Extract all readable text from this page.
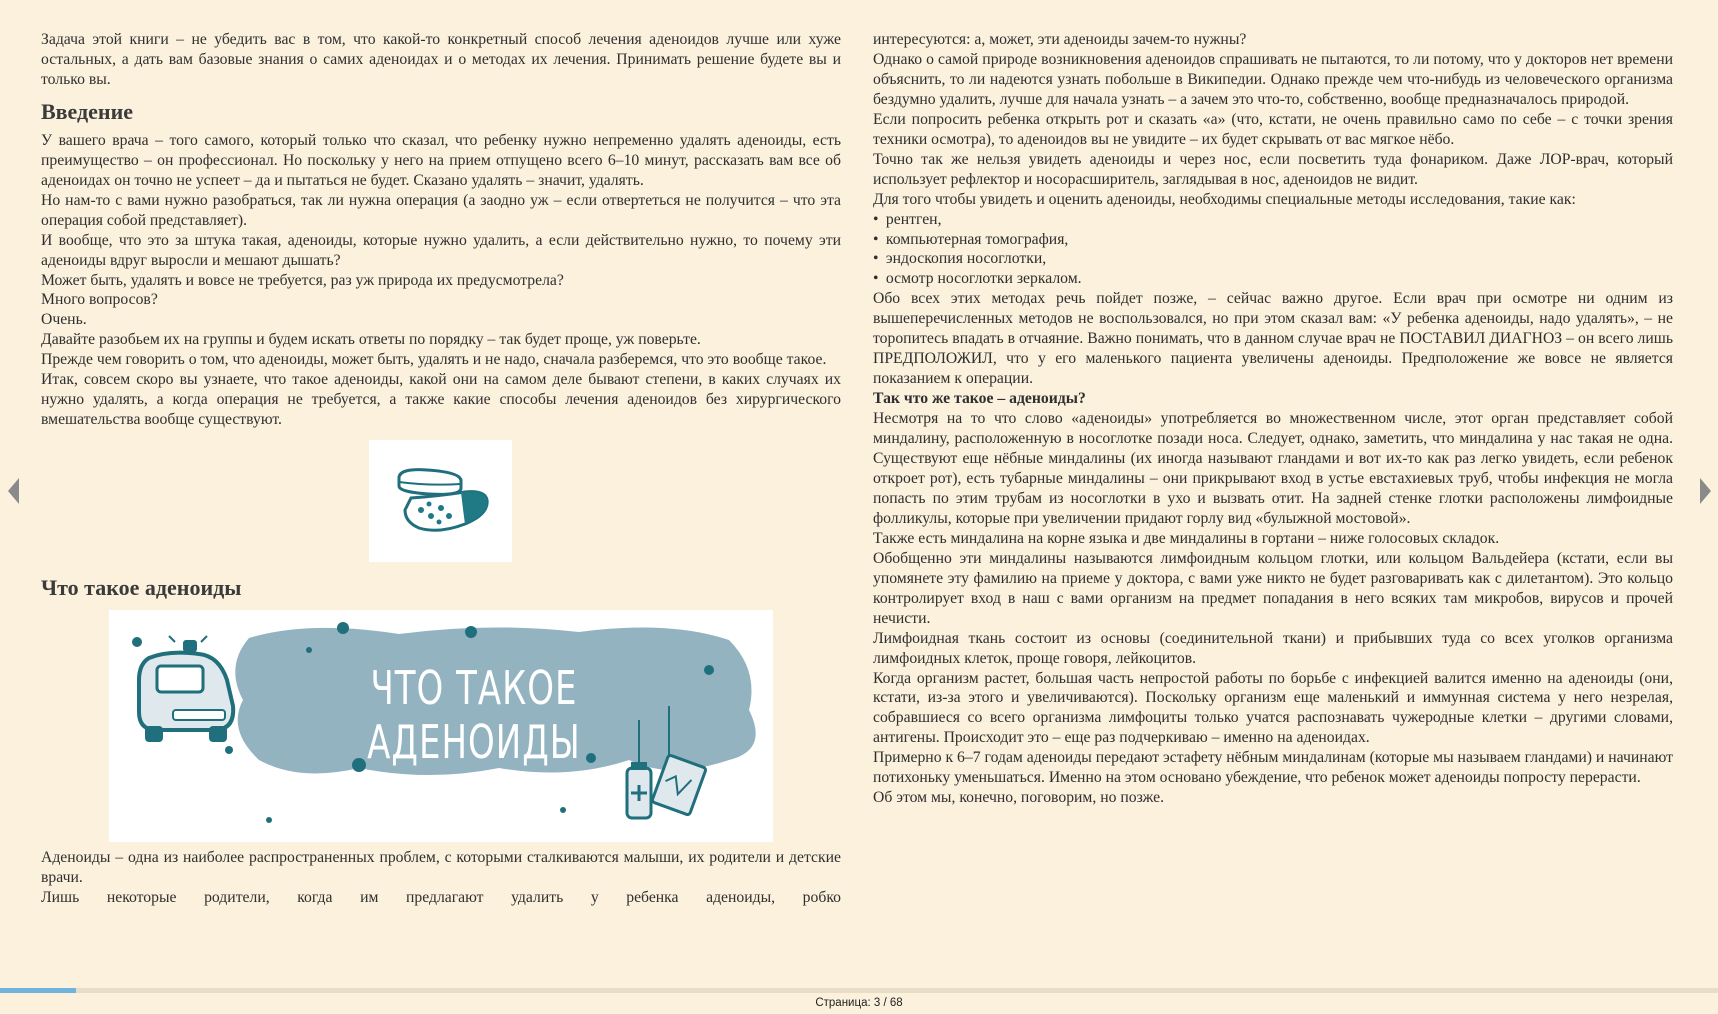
Задача этой книги – не убедить вас в том, что какой-то конкретный способ лечения аденоидов лучше или хуже остальных, а дать вам базовые знания о самих аденоидах и о методах их лечения. Принимать решение будете вы и только вы.

Введение

У вашего врача – того самого, который только что сказал, что ребенку нужно непременно удалять аденоиды, есть преимущество – он профессионал. Но поскольку у него на прием отпущено всего 6–10 минут, рассказать вам все об аденоидах он точно не успеет – да и пытаться не будет. Сказано удалять – значит, удалять.

Но нам-то с вами нужно разобраться, так ли нужна операция (а заодно уж – если отвертеться не получится – что эта операция собой представляет).

И вообще, что это за штука такая, аденоиды, которые нужно удалить, а если действительно нужно, то почему эти аденоиды вдруг выросли и мешают дышать?

Может быть, удалять и вовсе не требуется, раз уж природа их предусмотрела?

Много вопросов?

Очень.

Давайте разобьем их на группы и будем искать ответы по порядку – так будет проще, уж поверьте.

Прежде чем говорить о том, что аденоиды, может быть, удалять и не надо, сначала разберемся, что это вообще такое.

Итак, совсем скоро вы узнаете, что такое аденоиды, какой они на самом деле бывают степени, в каких случаях их нужно удалять, а когда операция не требуется, а также какие способы лечения аденоидов без хирургического вмешательства вообще существуют.

Что такое аденоиды
ЧТО ТАКОЕ АДЕНОИДЫ

Аденоиды – одна из наиболее распространенных проблем, с которыми сталкиваются малыши, их родители и детские врачи.

Лишь некоторые родители, когда им предлагают удалить у ребенка аденоиды, робко

интересуются: а, может, эти аденоиды зачем-то нужны?

Однако о самой природе возникновения аденоидов спрашивать не пытаются, то ли потому, что у докторов нет времени объяснить, то ли надеются узнать побольше в Википедии. Однако прежде чем что-нибудь из человеческого организма бездумно удалить, лучше для начала узнать – а зачем это что-то, собственно, вообще предназначалось природой.

Если попросить ребенка открыть рот и сказать «а» (что, кстати, не очень правильно само по себе – с точки зрения техники осмотра), то аденоидов вы не увидите – их будет скрывать от вас мягкое нёбо.

Точно так же нельзя увидеть аденоиды и через нос, если посветить туда фонариком. Даже ЛОР-врач, который использует рефлектор и носорасширитель, заглядывая в нос, аденоидов не видит.

Для того чтобы увидеть и оценить аденоиды, необходимы специальные методы исследования, такие как:

• рентген,
• компьютерная томография,
• эндоскопия носоглотки,
• осмотр носоглотки зеркалом.

Обо всех этих методах речь пойдет позже, – сейчас важно другое. Если врач при осмотре ни одним из вышеперечисленных методов не воспользовался, но при этом сказал вам: «У ребенка аденоиды, надо удалять», – не торопитесь впадать в отчаяние. Важно понимать, что в данном случае врач не ПОСТАВИЛ ДИАГНОЗ – он всего лишь ПРЕДПОЛОЖИЛ, что у его маленького пациента увеличены аденоиды. Предположение же вовсе не является показанием к операции.

Так что же такое – аденоиды?

Несмотря на то что слово «аденоиды» употребляется во множественном числе, этот орган представляет собой миндалину, расположенную в носоглотке позади носа. Следует, однако, заметить, что миндалина у нас такая не одна. Существуют еще нёбные миндалины (их иногда называют гландами и вот их-то как раз легко увидеть, если ребенок откроет рот), есть тубарные миндалины – они прикрывают вход в устье евстахиевых труб, чтобы инфекция не могла попасть по этим трубам из носоглотки в ухо и вызвать отит. На задней стенке глотки расположены лимфоидные фолликулы, которые при увеличении придают горлу вид «булыжной мостовой».

Также есть миндалина на корне языка и две миндалины в гортани – ниже голосовых складок.

Обобщенно эти миндалины называются лимфоидным кольцом глотки, или кольцом Вальдейера (кстати, если вы упомянете эту фамилию на приеме у доктора, с вами уже никто не будет разговаривать как с дилетантом). Это кольцо контролирует вход в наш с вами организм на предмет попадания в него всяких там микробов, вирусов и прочей нечисти.

Лимфоидная ткань состоит из основы (соединительной ткани) и прибывших туда со всех уголков организма лимфоидных клеток, проще говоря, лейкоцитов.

Когда организм растет, большая часть непростой работы по борьбе с инфекцией валится именно на аденоиды (они, кстати, из-за этого и увеличиваются). Поскольку организм еще маленький и иммунная система у него незрелая, собравшиеся со всего организма лимфоциты только учатся распознавать чужеродные клетки – другими словами, антигены. Происходит это – еще раз подчеркиваю – именно на аденоидах.

Примерно к 6–7 годам аденоиды передают эстафету нёбным миндалинам (которые мы называем гландами) и начинают потихоньку уменьшаться. Именно на этом основано убеждение, что ребенок может аденоиды попросту перерасти.

Об этом мы, конечно, поговорим, но позже.

Страница: 3 / 68
